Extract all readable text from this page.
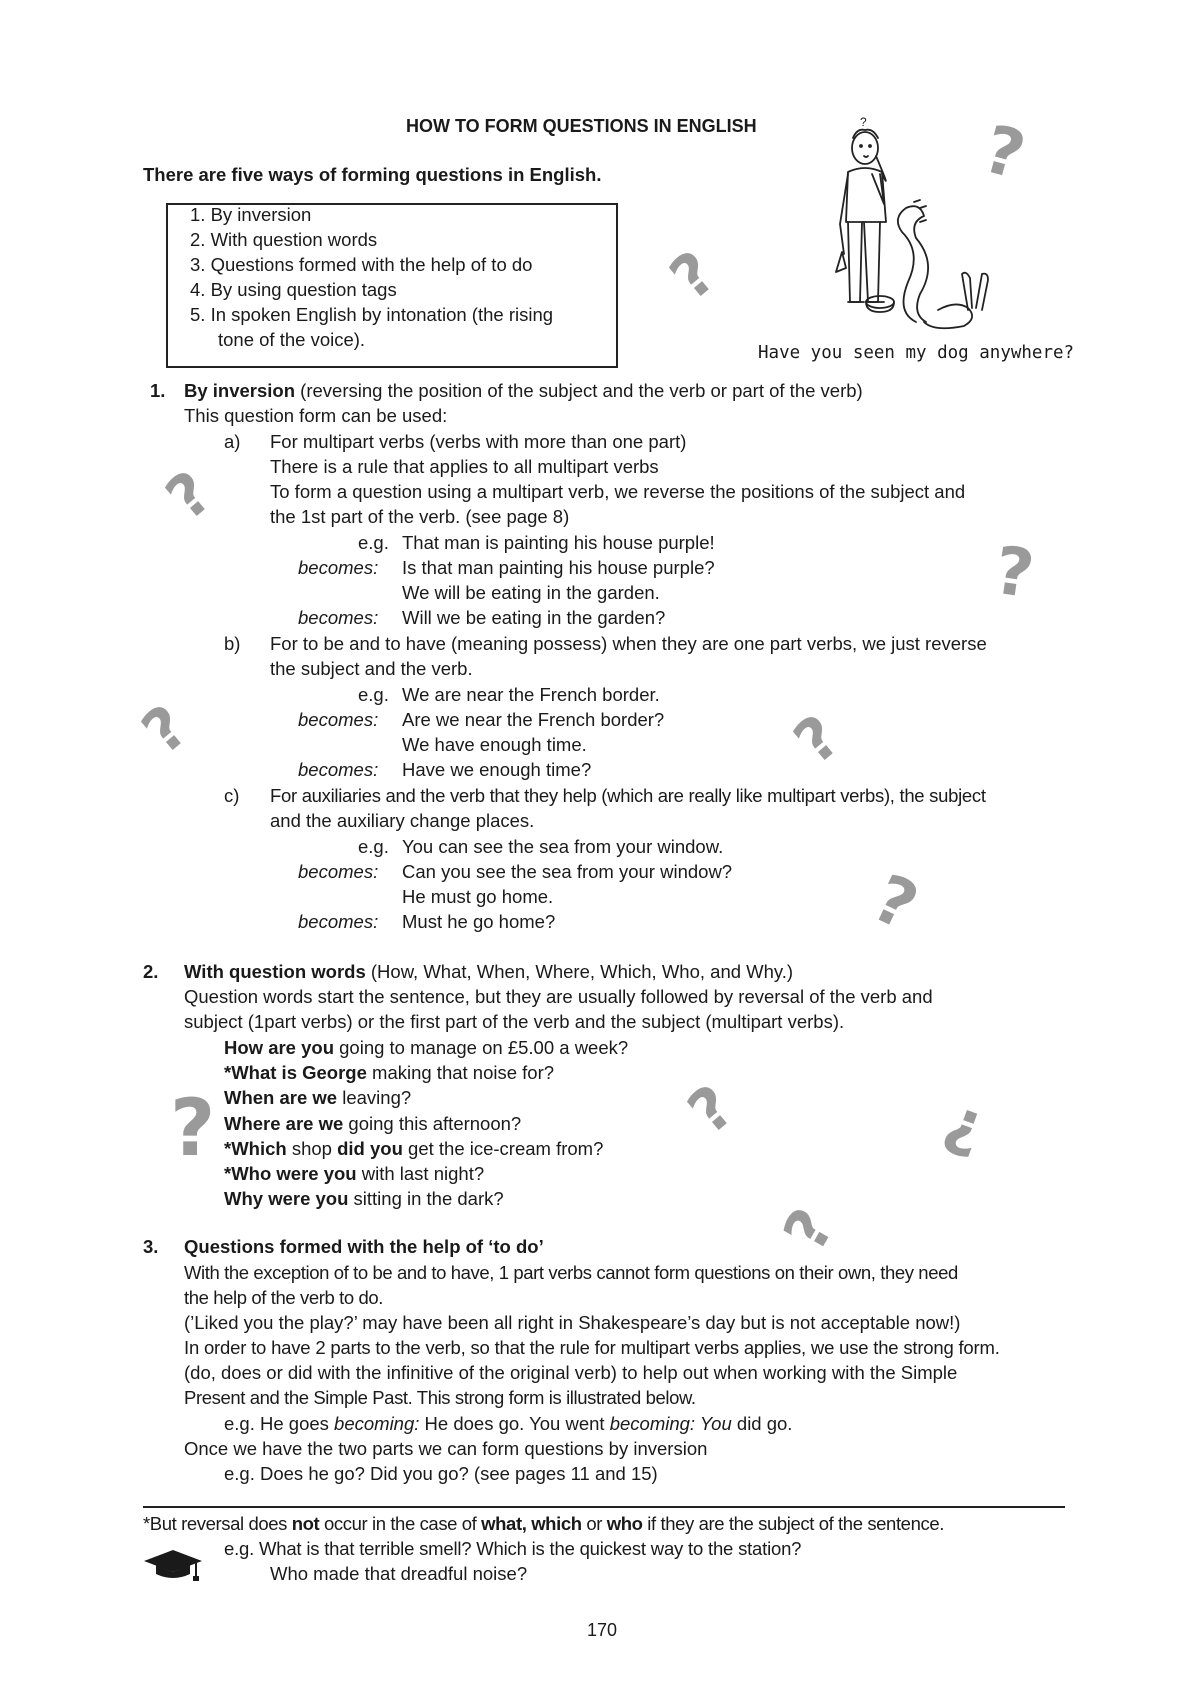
?
?
?
?
?	?
?
?	?	?
?
?
Have you seen my dog anywhere?
HOW TO FORM QUESTIONS IN ENGLISH
There are five ways of forming questions in English.
1. By inversion
2. With question words
3. Questions formed with the help of to do
4. By using question tags
5. In spoken English by intonation (the rising
tone of the voice).
1. By inversion (reversing the position of the subject and the verb or part of the verb)
This question form can be used:
a) For multipart verbs (verbs with more than one part)
There is a rule that applies to all multipart verbs
To form a question using a multipart verb, we reverse the positions of the subject and
the 1st part of the verb. (see page 8)
e.g. That man is painting his house purple!
becomes: Is that man painting his house purple?
We will be eating in the garden.
becomes: Will we be eating in the garden?
b) For to be and to have (meaning possess) when they are one part verbs, we just reverse
the subject and the verb.
e.g. We are near the French border.
becomes: Are we near the French border?
We have enough time.
becomes: Have we enough time?
c) For auxiliaries and the verb that they help (which are really like multipart verbs), the subject
and the auxiliary change places.
e.g. You can see the sea from your window.
becomes: Can you see the sea from your window?
He must go home.
becomes: Must he go home?
2. With question words (How, What, When, Where, Which, Who, and Why.)
Question words start the sentence, but they are usually followed by reversal of the verb and
subject (1part verbs) or the first part of the verb and the subject (multipart verbs).
How are you going to manage on £5.00 a week?
*What is George making that noise for?
When are we leaving?
Where are we going this afternoon?
*Which shop did you get the ice-cream from?
*Who were you with last night?
Why were you sitting in the dark?
3. Questions formed with the help of ‘to do’
With the exception of to be and to have, 1 part verbs cannot form questions on their own, they need
the help of the verb to do.
(’Liked you the play?’ may have been all right in Shakespeare’s day but is not acceptable now!)
In order to have 2 parts to the verb, so that the rule for multipart verbs applies, we use the strong form.
(do, does or did with the infinitive of the original verb) to help out when working with the Simple
Present and the Simple Past. This strong form is illustrated below.
e.g. He goes becoming: He does go. You went becoming: You did go.
Once we have the two parts we can form questions by inversion
e.g. Does he go? Did you go? (see pages 11 and 15)
*But reversal does not occur in the case of what, which or who if they are the subject of the sentence.
e.g. What is that terrible smell? Which is the quickest way to the station?
Who made that dreadful noise?
170
